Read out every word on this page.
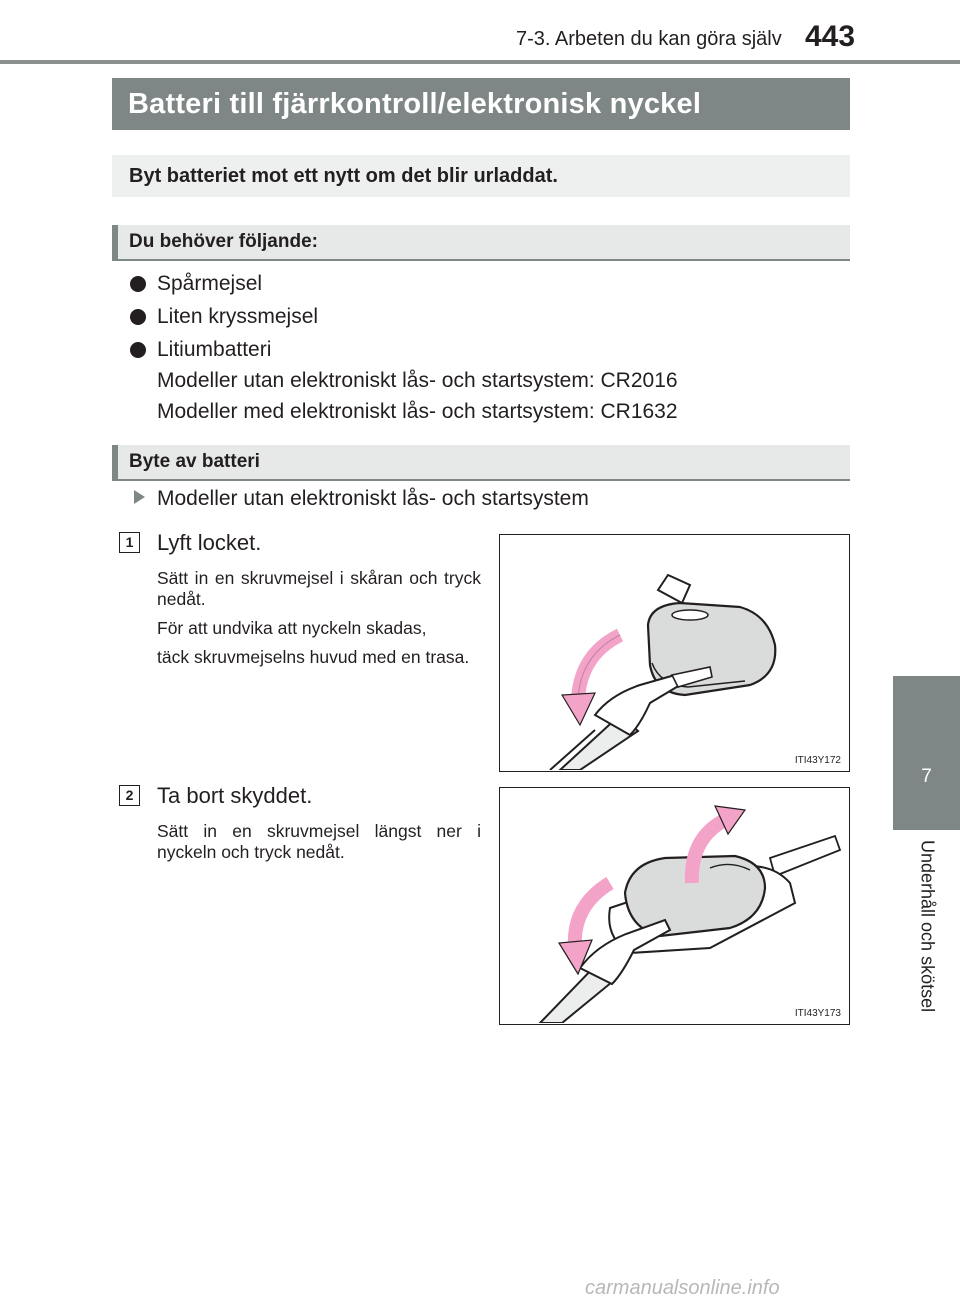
7-3. Arbeten du kan göra själv 443
7
Underhåll och skötsel
Batteri till fjärrkontroll/elektronisk nyckel

Byt batteriet mot ett nytt om det blir urladdat.

Du behöver följande:
Spårmejsel
Liten kryssmejsel
Litiumbatteri
Modeller utan elektroniskt lås- och startsystem: CR2016
Modeller med elektroniskt lås- och startsystem: CR1632
Byte av batteri
Modeller utan elektroniskt lås- och startsystem
1	Lyft locket.

Sätt in en skruvmejsel i skåran och tryck nedåt.

För att undvika att nyckeln skadas,

täck skruvmejselns huvud med en trasa.

ITI43Y172
2	Ta bort skyddet.

Sätt in en skruvmejsel längst ner i nyckeln och tryck nedåt.

ITI43Y173
carmanualsonline.info
